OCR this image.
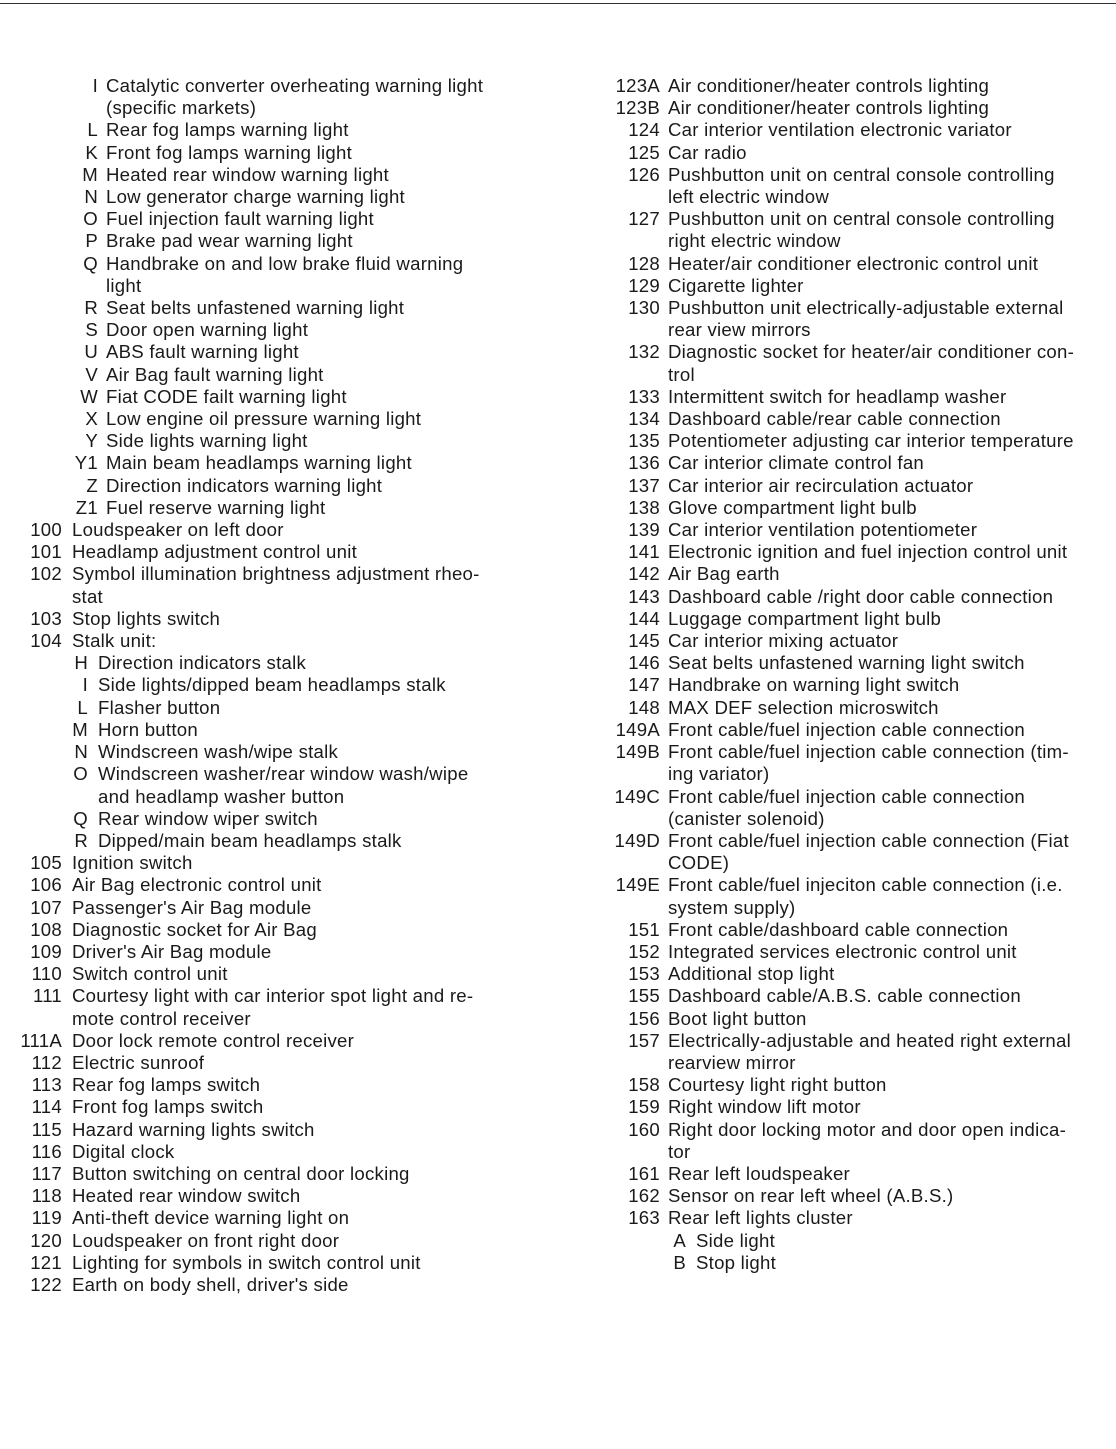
I Catalytic converter overheating warning light
(specific markets)
L Rear fog lamps warning light
K Front fog lamps warning light
M Heated rear window warning light
N Low generator charge warning light
O Fuel injection fault warning light
P Brake pad wear warning light
Q Handbrake on and low brake fluid warning
light
R Seat belts unfastened warning light
S Door open warning light
U ABS fault warning light
V Air Bag fault warning light
W Fiat CODE failt warning light
X Low engine oil pressure warning light
Y Side lights warning light
Y1 Main beam headlamps warning light
Z Direction indicators warning light
Z1 Fuel reserve warning light
100 Loudspeaker on left door
101 Headlamp adjustment control unit
102 Symbol illumination brightness adjustment rheo-
stat
103 Stop lights switch
104 Stalk unit:
H Direction indicators stalk
I Side lights/dipped beam headlamps stalk
L Flasher button
M Horn button
N Windscreen wash/wipe stalk
O Windscreen washer/rear window wash/wipe
and headlamp washer button
Q Rear window wiper switch
R Dipped/main beam headlamps stalk
105 Ignition switch
106 Air Bag electronic control unit
107 Passenger's Air Bag module
108 Diagnostic socket for Air Bag
109 Driver's Air Bag module
110 Switch control unit
111 Courtesy light with car interior spot light and re-
mote control receiver
111A Door lock remote control receiver
112 Electric sunroof
113 Rear fog lamps switch
114 Front fog lamps switch
115 Hazard warning lights switch
116 Digital clock
117 Button switching on central door locking
118 Heated rear window switch
119 Anti-theft device warning light on
120 Loudspeaker on front right door
121 Lighting for symbols in switch control unit
122 Earth on body shell, driver's side
123A Air conditioner/heater controls lighting
123B Air conditioner/heater controls lighting
124 Car interior ventilation electronic variator
125 Car radio
126 Pushbutton unit on central console controlling
left electric window
127 Pushbutton unit on central console controlling
right electric window
128 Heater/air conditioner electronic control unit
129 Cigarette lighter
130 Pushbutton unit electrically-adjustable external
rear view mirrors
132 Diagnostic socket for heater/air conditioner con-
trol
133 Intermittent switch for headlamp washer
134 Dashboard cable/rear cable connection
135 Potentiometer adjusting car interior temperature
136 Car interior climate control fan
137 Car interior air recirculation actuator
138 Glove compartment light bulb
139 Car interior ventilation potentiometer
141 Electronic ignition and fuel injection control unit
142 Air Bag earth
143 Dashboard cable /right door cable connection
144 Luggage compartment light bulb
145 Car interior mixing actuator
146 Seat belts unfastened warning light switch
147 Handbrake on warning light switch
148 MAX DEF selection microswitch
149A Front cable/fuel injection cable connection
149B Front cable/fuel injection cable connection (tim-
ing variator)
149C Front cable/fuel injection cable connection
(canister solenoid)
149D Front cable/fuel injection cable connection (Fiat
CODE)
149E Front cable/fuel injeciton cable connection (i.e.
system supply)
151 Front cable/dashboard cable connection
152 Integrated services electronic control unit
153 Additional stop light
155 Dashboard cable/A.B.S. cable connection
156 Boot light button
157 Electrically-adjustable and heated right external
rearview mirror
158 Courtesy light right button
159 Right window lift motor
160 Right door locking motor and door open indica-
tor
161 Rear left loudspeaker
162 Sensor on rear left wheel (A.B.S.)
163 Rear left lights cluster
A Side light
B Stop light
